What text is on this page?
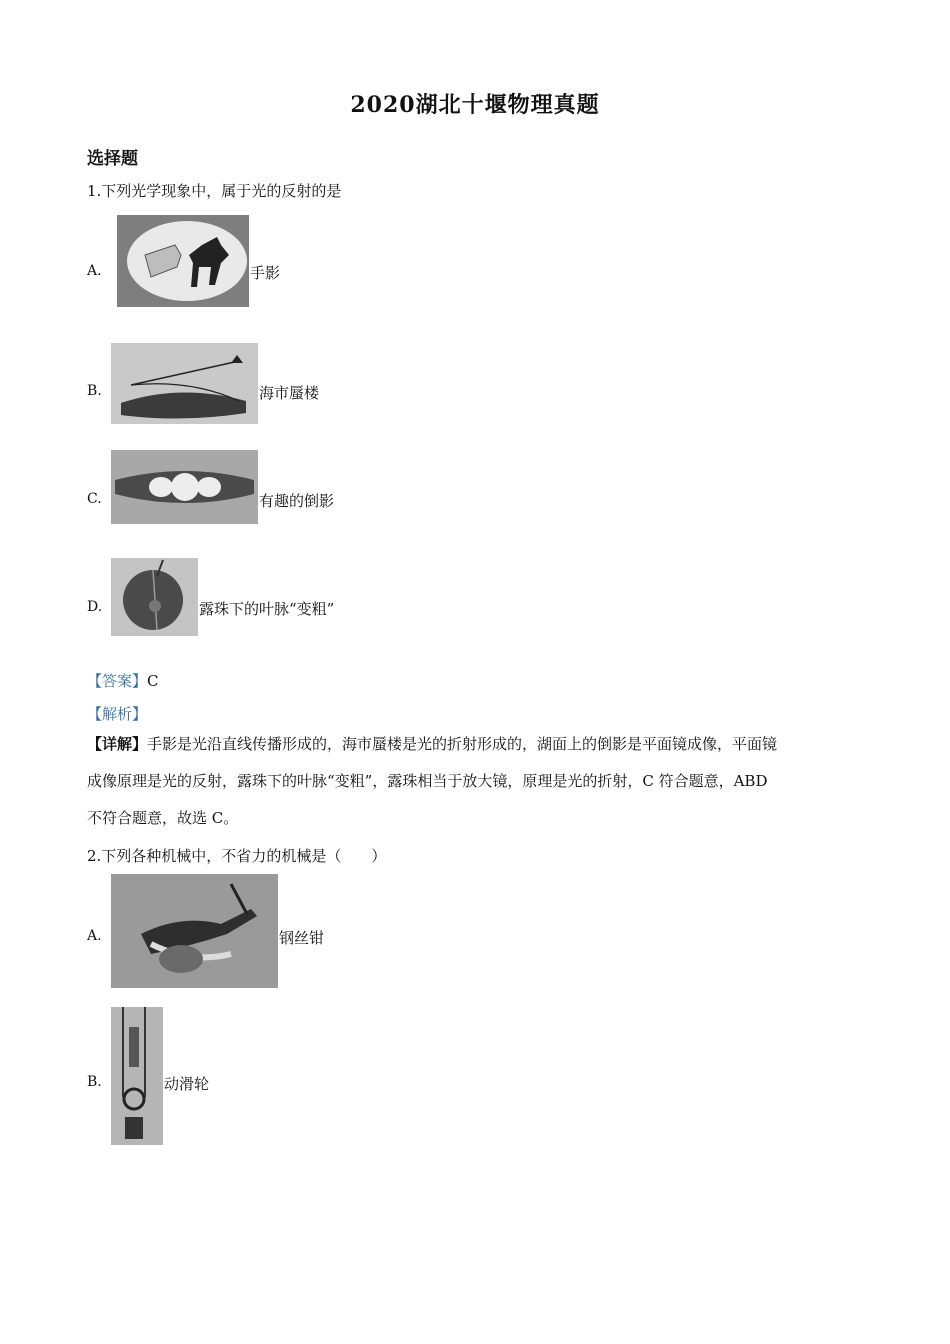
2020湖北十堰物理真题
选择题
1.下列光学现象中，属于光的反射的是
A.	手影
B.	海市蜃楼
C.	有趣的倒影
D.	露珠下的叶脉“变粗”
【答案】C
【解析】
【详解】手影是光沿直线传播形成的，海市蜃楼是光的折射形成的，湖面上的倒影是平面镜成像，平面镜
成像原理是光的反射，露珠下的叶脉“变粗”，露珠相当于放大镜，原理是光的折射，C 符合题意，ABD
不符合题意，故选 C。
2.下列各种机械中，不省力的机械是（　　）
A.	钢丝钳
B.	动滑轮
